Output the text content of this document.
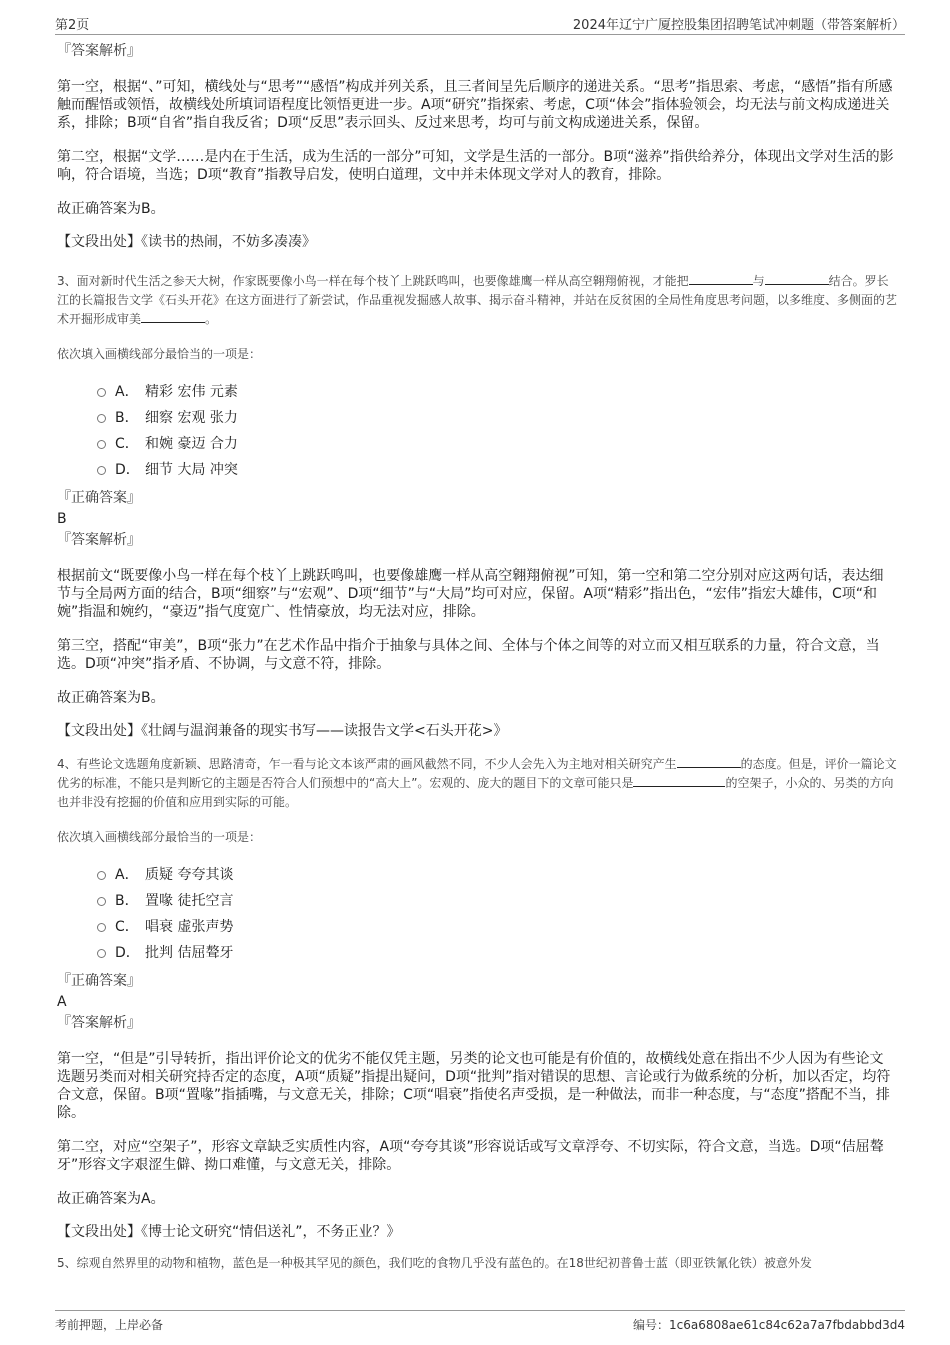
第2页	2024年辽宁广厦控股集团招聘笔试冲刺题（带答案解析）
『答案解析』

第一空，根据“、”可知，横线处与“思考”“感悟”构成并列关系，且三者间呈先后顺序的递进关系。“思考”指思索、考虑，“感悟”指有所感触而醒悟或领悟，故横线处所填词语程度比领悟更进一步。A项“研究”指探索、考虑，C项“体会”指体验领会，均无法与前文构成递进关系，排除；B项“自省”指自我反省；D项“反思”表示回头、反过来思考，均可与前文构成递进关系，保留。

第二空，根据“文学……是内在于生活，成为生活的一部分”可知，文学是生活的一部分。B项“滋养”指供给养分，体现出文学对生活的影响，符合语境，当选；D项“教育”指教导启发，使明白道理，文中并未体现文学对人的教育，排除。

故正确答案为B。

【文段出处】《读书的热闹，不妨多凑凑》

3、面对新时代生活之参天大树，作家既要像小鸟一样在每个枝丫上跳跃鸣叫，也要像雄鹰一样从高空翱翔俯视，才能把	与	结合。罗长江的长篇报告文学《石头开花》在这方面进行了新尝试，作品重视发掘感人故事、揭示奋斗精神，并站在反贫困的全局性角度思考问题，以多维度、多侧面的艺术开掘形成审美	。

依次填入画横线部分最恰当的一项是：
A． 精彩 宏伟 元素
B． 细察 宏观 张力
C． 和婉 豪迈 合力
D． 细节 大局 冲突
『正确答案』
B
『答案解析』

根据前文“既要像小鸟一样在每个枝丫上跳跃鸣叫，也要像雄鹰一样从高空翱翔俯视”可知，第一空和第二空分别对应这两句话，表达细节与全局两方面的结合，B项“细察”与“宏观”、D项“细节”与“大局”均可对应，保留。A项“精彩”指出色，“宏伟”指宏大雄伟，C项“和婉”指温和婉约，“豪迈”指气度宽广、性情豪放，均无法对应，排除。

第三空，搭配“审美”，B项“张力”在艺术作品中指介于抽象与具体之间、全体与个体之间等的对立而又相互联系的力量，符合文意，当选。D项“冲突”指矛盾、不协调，与文意不符，排除。

故正确答案为B。

【文段出处】《壮阔与温润兼备的现实书写——读报告文学<石头开花>》

4、有些论文选题角度新颖、思路清奇，乍一看与论文本该严肃的画风截然不同，不少人会先入为主地对相关研究产生	的态度。但是，评价一篇论文优劣的标准，不能只是判断它的主题是否符合人们预想中的“高大上”。宏观的、庞大的题目下的文章可能只是	的空架子，小众的、另类的方向也并非没有挖掘的价值和应用到实际的可能。

依次填入画横线部分最恰当的一项是：
A． 质疑 夸夸其谈
B． 置喙 徒托空言
C． 唱衰 虚张声势
D． 批判 佶屈聱牙
『正确答案』
A
『答案解析』

第一空，“但是”引导转折，指出评价论文的优劣不能仅凭主题，另类的论文也可能是有价值的，故横线处意在指出不少人因为有些论文选题另类而对相关研究持否定的态度，A项“质疑”指提出疑问，D项“批判”指对错误的思想、言论或行为做系统的分析，加以否定，均符合文意，保留。B项“置喙”指插嘴，与文意无关，排除；C项“唱衰”指使名声受损，是一种做法，而非一种态度，与“态度”搭配不当，排除。

第二空，对应“空架子”，形容文章缺乏实质性内容，A项“夸夸其谈”形容说话或写文章浮夸、不切实际，符合文意，当选。D项“佶屈聱牙”形容文字艰涩生僻、拗口难懂，与文意无关，排除。

故正确答案为A。

【文段出处】《博士论文研究“情侣送礼”，不务正业？》

5、综观自然界里的动物和植物，蓝色是一种极其罕见的颜色，我们吃的食物几乎没有蓝色的。在18世纪初普鲁士蓝（即亚铁氰化铁）被意外发

考前押题，上岸必备	编号：1c6a6808ae61c84c62a7a7fbdabbd3d4
